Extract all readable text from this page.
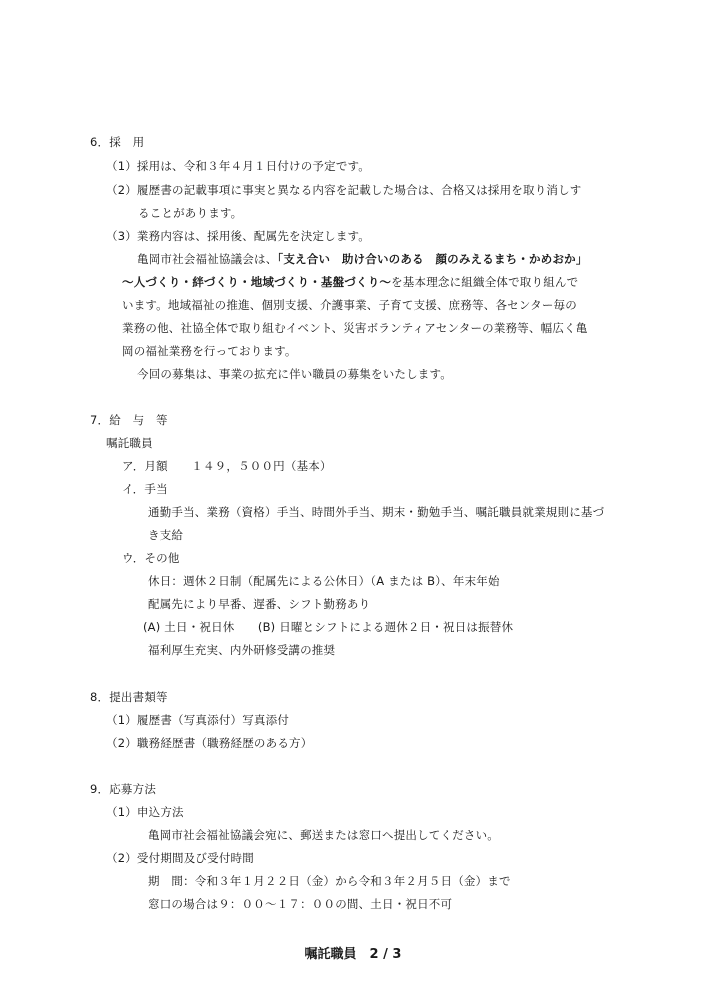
6．採　用
（1）採用は、令和３年４月１日付けの予定です。
（2）履歴書の記載事項に事実と異なる内容を記載した場合は、合格又は採用を取り消しす
ることがあります。
（3）業務内容は、採用後、配属先を決定します。
亀岡市社会福祉協議会は、「支え合い　助け合いのある　顔のみえるまち・かめおか」
～人づくり・絆づくり・地域づくり・基盤づくり～を基本理念に組織全体で取り組んで
います。地域福祉の推進、個別支援、介護事業、子育て支援、庶務等、各センター毎の
業務の他、社協全体で取り組むイベント、災害ボランティアセンターの業務等、幅広く亀
岡の福祉業務を行っております。
今回の募集は、事業の拡充に伴い職員の募集をいたします。
7．給　与　等
嘱託職員
ア．月額　　１４９，５００円（基本）
イ．手当
通勤手当、業務（資格）手当、時間外手当、期末・勤勉手当、嘱託職員就業規則に基づ
き支給
ウ．その他
休日：週休２日制（配属先による公休日）（A または B）、年末年始
配属先により早番、遅番、シフト勤務あり
(A) 土日・祝日休　　(B) 日曜とシフトによる週休２日・祝日は振替休
福利厚生充実、内外研修受講の推奨
8．提出書類等
（1）履歴書（写真添付）写真添付
（2）職務経歴書（職務経歴のある方）
9．応募方法
（1）申込方法
亀岡市社会福祉協議会宛に、郵送または窓口へ提出してください。
（2）受付期間及び受付時間
期　間：令和３年１月２２日（金）から令和３年２月５日（金）まで
窓口の場合は９：００～１７：００の間、土日・祝日不可
嘱託職員　2 / 3
